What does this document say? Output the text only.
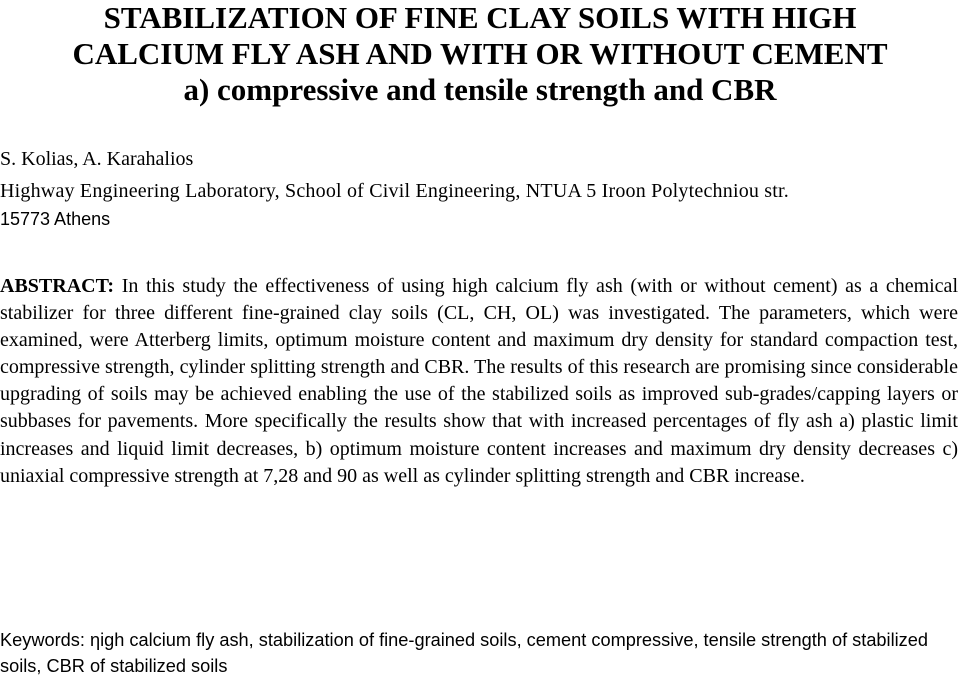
STABILIZATION OF FINE CLAY SOILS WITH HIGH
CALCIUM FLY ASH AND WITH OR WITHOUT CEMENT
a) compressive and tensile strength and CBR
S. Kolias, A. Karahalios
Highway Engineering Laboratory, School of Civil Engineering, NTUA 5 Iroon Polytechniou str.
15773 Athens

ABSTRACT: In this study the effectiveness of using high calcium fly ash (with or without cement) as a chemical stabilizer for three different fine-grained clay soils (CL, CH, OL) was investigated. The parameters, which were examined, were Atterberg limits, optimum moisture content and maximum dry density for standard compaction test, compressive strength, cylinder splitting strength and CBR. The results of this research are promising since considerable upgrading of soils may be achieved enabling the use of the stabilized soils as improved sub-grades/capping layers or subbases for pavements. More specifically the results show that with increased percentages of fly ash a) plastic limit increases and liquid limit decreases, b) optimum moisture content increases and maximum dry density decreases c) uniaxial compressive strength at 7,28 and 90 as well as cylinder splitting strength and CBR increase.

Keywords: ηigh calcium fly ash, stabilization of fine-grained soils, cement compressive, tensile strength of stabilized soils, CBR of stabilized soils
